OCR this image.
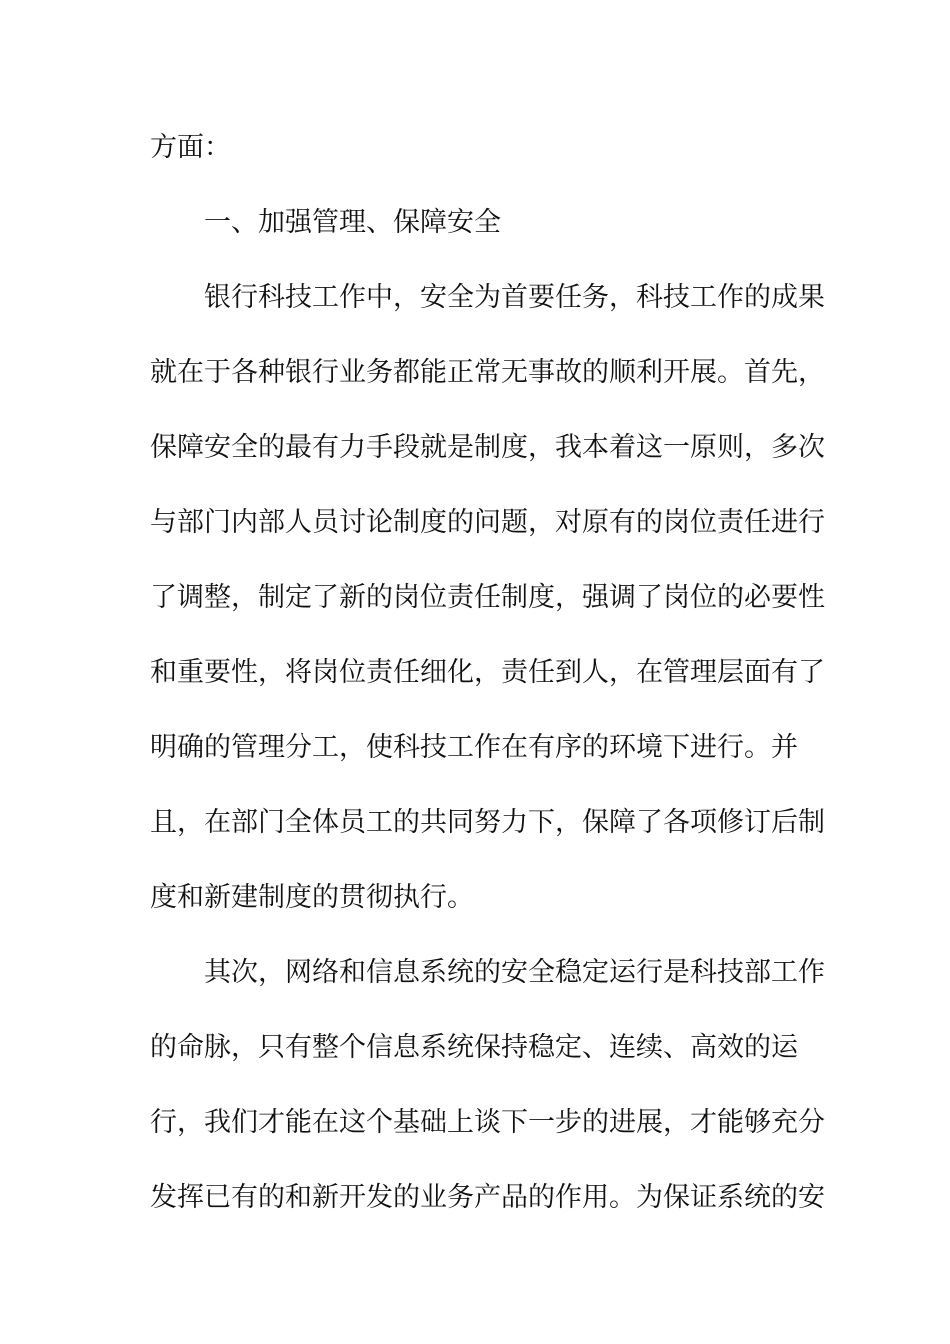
方面：
一、加强管理、保障安全
银行科技工作中，安全为首要任务，科技工作的成果
就在于各种银行业务都能正常无事故的顺利开展。首先，
保障安全的最有力手段就是制度，我本着这一原则，多次
与部门内部人员讨论制度的问题，对原有的岗位责任进行
了调整，制定了新的岗位责任制度，强调了岗位的必要性
和重要性，将岗位责任细化，责任到人，在管理层面有了
明确的管理分工，使科技工作在有序的环境下进行。并
且，在部门全体员工的共同努力下，保障了各项修订后制
度和新建制度的贯彻执行。
其次，网络和信息系统的安全稳定运行是科技部工作
的命脉，只有整个信息系统保持稳定、连续、高效的运
行，我们才能在这个基础上谈下一步的进展，才能够充分
发挥已有的和新开发的业务产品的作用。为保证系统的安
